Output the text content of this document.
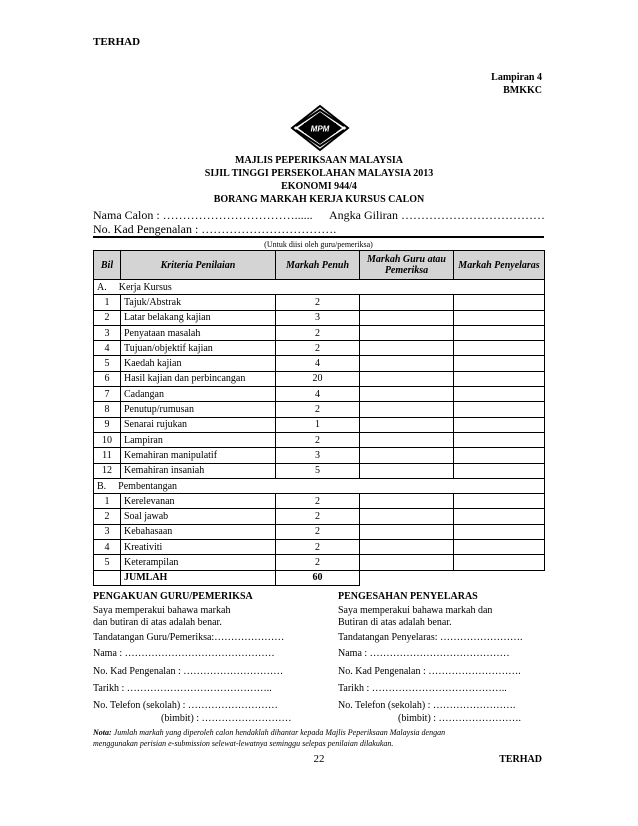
TERHAD
Lampiran 4
BMKKC
MPM
MAJLIS PEPERIKSAAN MALAYSIA
SIJIL TINGGI PERSEKOLAHAN MALAYSIA 2013
EKONOMI 944/4
BORANG MARKAH KERJA KURSUS CALON
Nama Calon : ……………………………...... Angka Giliran ………………………………
No. Kad Pengenalan : …………………………….
(Untuk diisi oleh guru/pemeriksa)
Bil	Kriteria Penilaian	Markah Penuh	Markah Guru atau Pemeriksa	Markah Penyelaras
A. Kerja Kursus				
1	Tajuk/Abstrak	2		
2	Latar belakang kajian	3		
3	Penyataan masalah	2		
4	Tujuan/objektif kajian	2		
5	Kaedah kajian	4		
6	Hasil kajian dan perbincangan	20		
7	Cadangan	4		
8	Penutup/rumusan	2		
9	Senarai rujukan	1		
10	Lampiran	2		
11	Kemahiran manipulatif	3		
12	Kemahiran insaniah	5		
B. Pembentangan				
1	Kerelevanan	2		
2	Soal jawab	2		
3	Kebahasaan	2		
4	Kreativiti	2		
5	Keterampilan	2		
	JUMLAH	60		
PENGAKUAN GURU/PEMERIKSA
Saya memperakui bahawa markah
dan butiran di atas adalah benar.
Tandatangan Guru/Pemeriksa:…………………
Nama : ………………………………………
No. Kad Pengenalan : …………………………
Tarikh : ……………………………………..
No. Telefon (sekolah) : ………………………
(bimbit) : ………………………
PENGESAHAN PENYELARAS
Saya memperakui bahawa markah dan
Butiran di atas adalah benar.
Tandatangan Penyelaras: …………………….
Nama : ……………………………………
No. Kad Pengenalan : ……………………….
Tarikh : …………………………………..
No. Telefon (sekolah) : …………………….
(bimbit) : …………………….
Nota: Jumlah markah yang diperoleh calon hendaklah dihantar kepada Majlis Peperiksaan Malaysia dengan
menggunakan perisian e-submission selewat-lewatnya seminggu selepas penilaian dilakukan.
22	TERHAD
